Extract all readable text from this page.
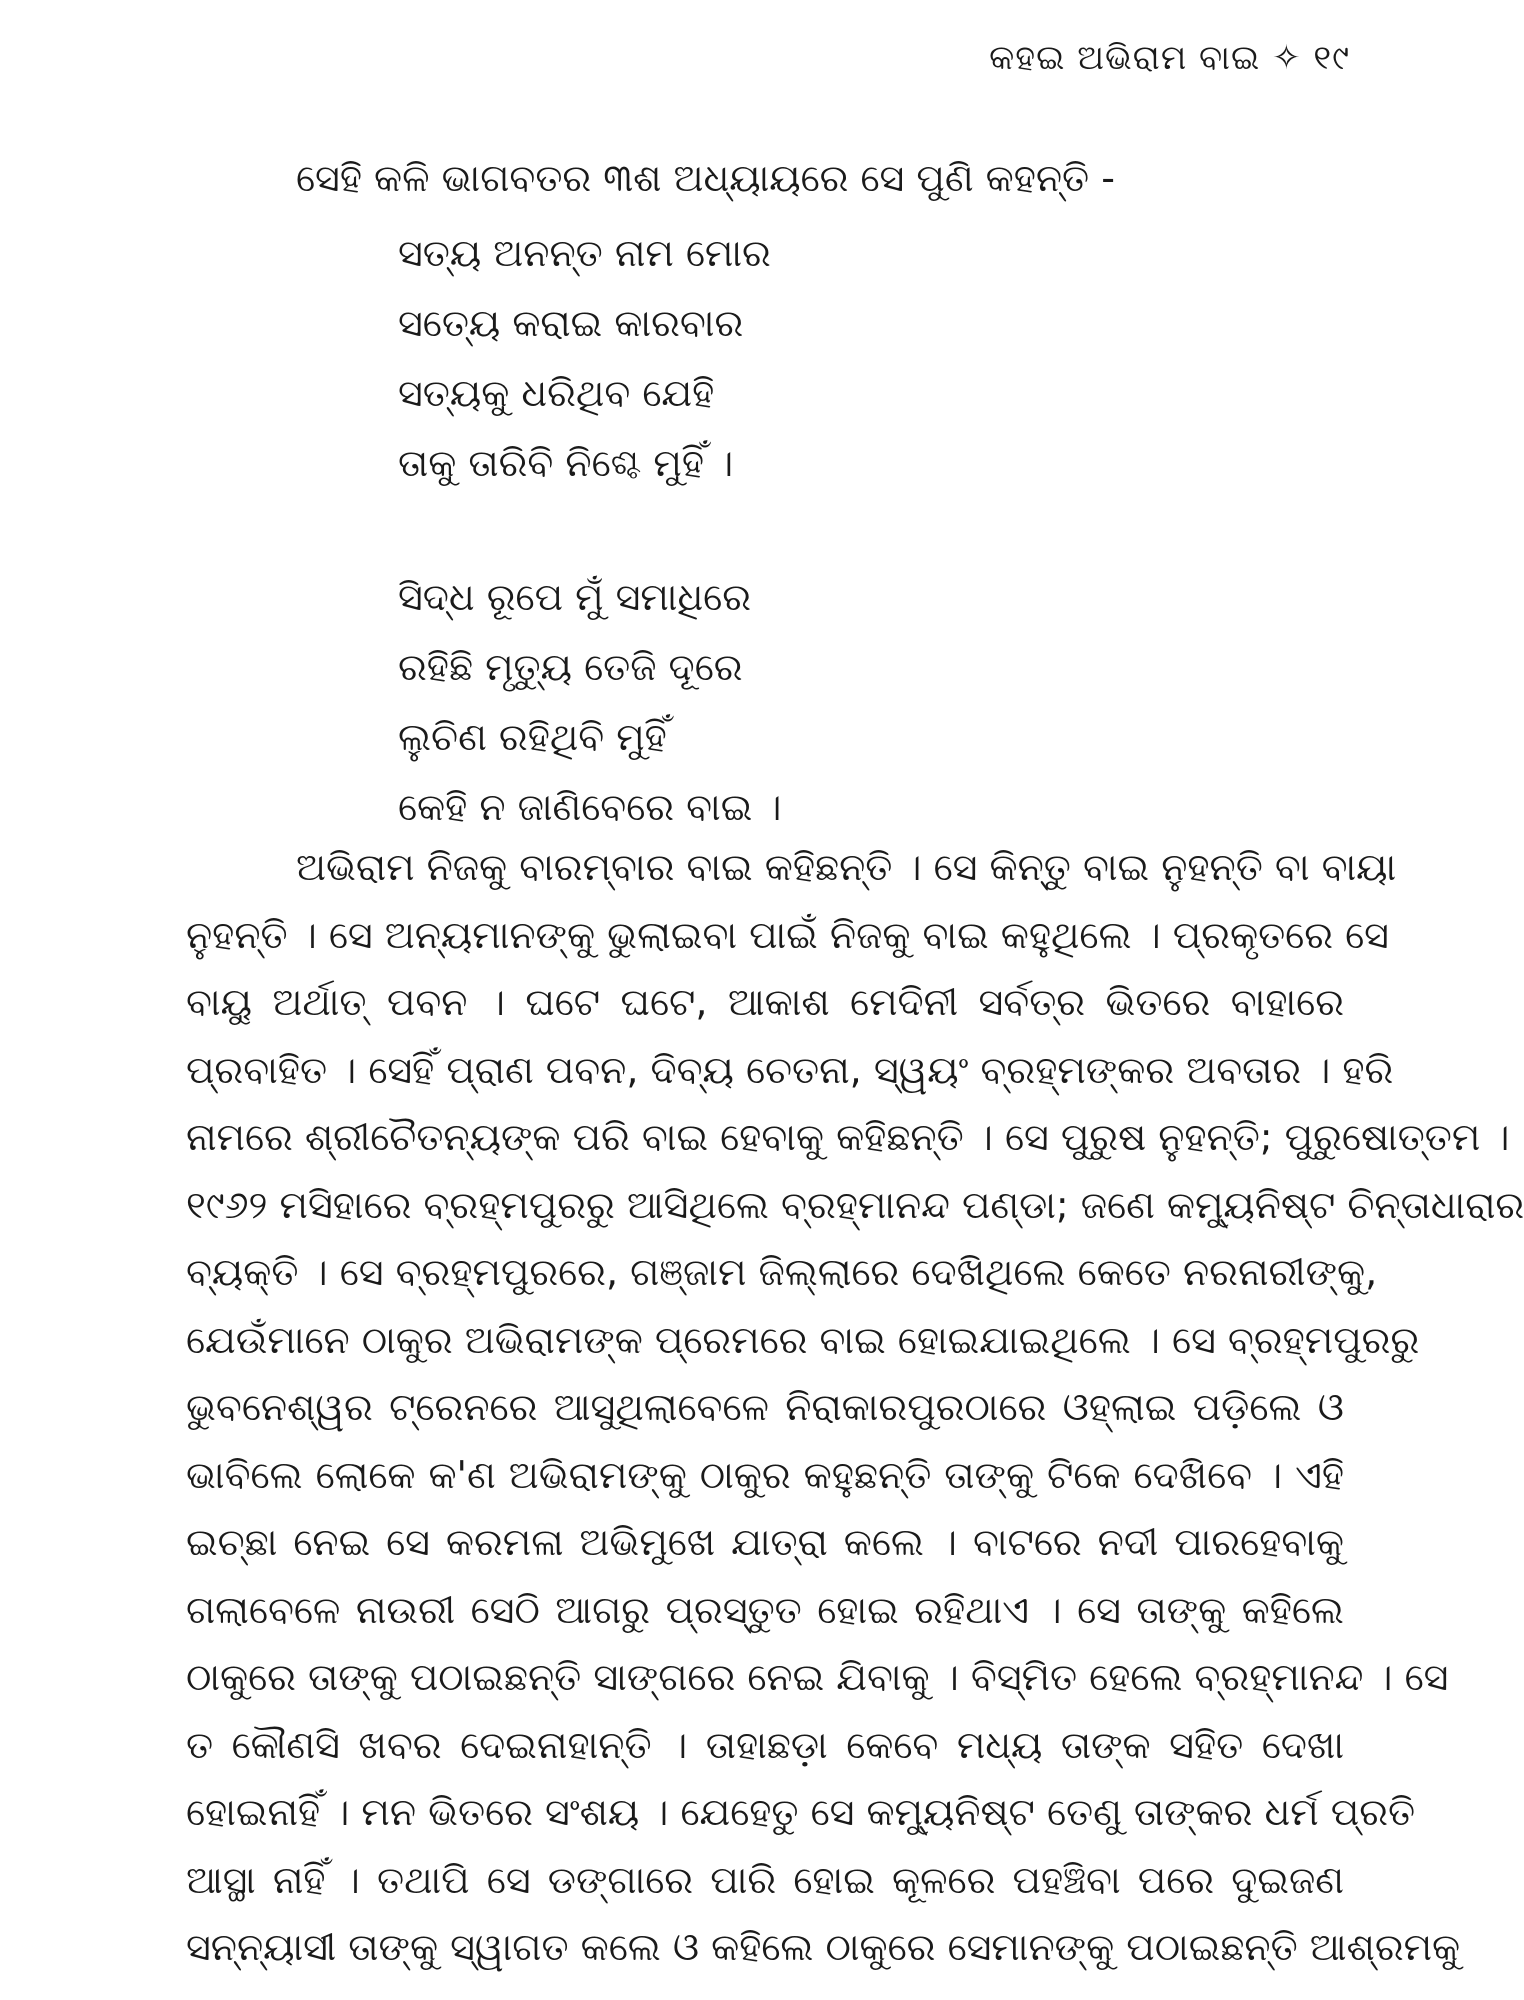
କହଇ ଅଭିରାମ ବାଇ ✧ ୧୯
ସେହି କଳି ଭାଗବତର ୩ଶ ଅଧ୍ୟାୟରେ ସେ ପୁଣି କହନ୍ତି -
ସତ୍ୟ ଅନନ୍ତ ନାମ ମୋର
ସତ୍ୟେ କରାଇ କାରବାର
ସତ୍ୟକୁ ଧରିଥିବ ଯେହି
ତାକୁ ତାରିବି ନିଶ୍ଚେ ମୁହିଁ ।
ସିଦ୍ଧ ରୂପେ ମୁଁ ସମାଧିରେ
ରହିଛି ମୃତ୍ୟୁ ତେଜି ଦୂରେ
ଲୁଚିଣ ରହିଥିବି ମୁହିଁ
କେହି ନ ଜାଣିବେରେ ବାଇ ।
ଅଭିରାମ ନିଜକୁ ବାରମ୍ବାର ବାଇ କହିଛନ୍ତି । ସେ କିନ୍ତୁ ବାଇ ନୁହନ୍ତି ବା ବାୟା
ନୁହନ୍ତି । ସେ ଅନ୍ୟମାନଙ୍କୁ ଭୁଲାଇବା ପାଇଁ ନିଜକୁ ବାଇ କହୁଥିଲେ । ପ୍ରକୃତରେ ସେ
ବାୟୁ ଅର୍ଥାତ୍ ପବନ । ଘଟେ ଘଟେ, ଆକାଶ ମେଦିନୀ ସର୍ବତ୍ର ଭିତରେ ବାହାରେ
ପ୍ରବାହିତ । ସେହିଁ ପ୍ରାଣ ପବନ, ଦିବ୍ୟ ଚେତନା, ସ୍ୱୟଂ ବ୍ରହ୍ମଙ୍କର ଅବତାର । ହରି
ନାମରେ ଶ୍ରୀଚୈତନ୍ୟଙ୍କ ପରି ବାଇ ହେବାକୁ କହିଛନ୍ତି । ସେ ପୁରୁଷ ନୁହନ୍ତି; ପୁରୁଷୋତ୍ତମ ।
୧୯୬୨ ମସିହାରେ ବ୍ରହ୍ମପୁରରୁ ଆସିଥିଲେ ବ୍ରହ୍ମାନନ୍ଦ ପଣ୍ଡା; ଜଣେ କମ୍ୟୁନିଷ୍ଟ ଚିନ୍ତାଧାରାର
ବ୍ୟକ୍ତି । ସେ ବ୍ରହ୍ମପୁରରେ, ଗଞ୍ଜାମ ଜିଲ୍ଲାରେ ଦେଖିଥିଲେ କେତେ ନରନାରୀଙ୍କୁ,
ଯେଉଁମାନେ ଠାକୁର ଅଭିରାମଙ୍କ ପ୍ରେମରେ ବାଇ ହୋଇଯାଇଥିଲେ । ସେ ବ୍ରହ୍ମପୁରରୁ
ଭୁବନେଶ୍ୱର ଟ୍ରେନରେ ଆସୁଥିଲାବେଳେ ନିରାକାରପୁରଠାରେ ଓହ୍ଲାଇ ପଡ଼ିଲେ ଓ
ଭାବିଲେ ଲୋକେ କ'ଣ ଅଭିରାମଙ୍କୁ ଠାକୁର କହୁଛନ୍ତି ତାଙ୍କୁ ଟିକେ ଦେଖିବେ । ଏହି
ଇଚ୍ଛା ନେଇ ସେ କରମଳା ଅଭିମୁଖେ ଯାତ୍ରା କଲେ । ବାଟରେ ନଦୀ ପାରହେବାକୁ
ଗଲାବେଳେ ନାଉରୀ ସେଠି ଆଗରୁ ପ୍ରସ୍ତୁତ ହୋଇ ରହିଥାଏ । ସେ ତାଙ୍କୁ କହିଲେ
ଠାକୁରେ ତାଙ୍କୁ ପଠାଇଛନ୍ତି ସାଙ୍ଗରେ ନେଇ ଯିବାକୁ । ବିସ୍ମିତ ହେଲେ ବ୍ରହ୍ମାନନ୍ଦ । ସେ
ତ କୌଣସି ଖବର ଦେଇନାହାନ୍ତି । ତାହାଛଡ଼ା କେବେ ମଧ୍ୟ ତାଙ୍କ ସହିତ ଦେଖା
ହୋଇନାହିଁ । ମନ ଭିତରେ ସଂଶୟ । ଯେହେତୁ ସେ କମ୍ୟୁନିଷ୍ଟ ତେଣୁ ତାଙ୍କର ଧର୍ମ ପ୍ରତି
ଆସ୍ଥା ନାହିଁ । ତଥାପି ସେ ଡଙ୍ଗାରେ ପାରି ହୋଇ କୂଳରେ ପହଞ୍ଚିବା ପରେ ଦୁଇଜଣ
ସନ୍ନ୍ୟାସୀ ତାଙ୍କୁ ସ୍ୱାଗତ କଲେ ଓ କହିଲେ ଠାକୁରେ ସେମାନଙ୍କୁ ପଠାଇଛନ୍ତି ଆଶ୍ରମକୁ
